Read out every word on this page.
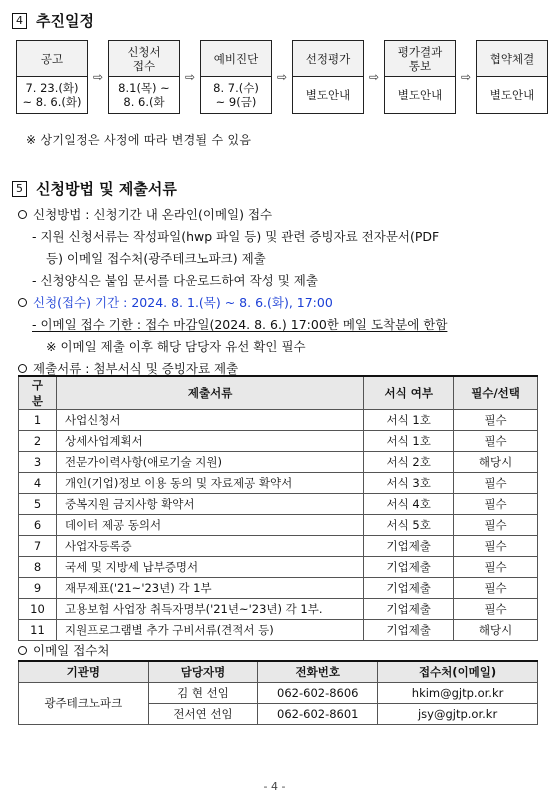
4 추진일정
공고
7. 23.(화)
~ 8. 6.(화)
⇨
신청서
접수
8.1(목) ~
8. 6.(화
⇨
예비진단
8. 7.(수)
~ 9(금)
⇨
선정평가
별도안내
⇨
평가결과
통보
별도안내
⇨
협약체결
별도안내
※ 상기일정은 사정에 따라 변경될 수 있음
5 신청방법 및 제출서류
신청방법 : 신청기간 내 온라인(이메일) 접수
- 지원 신청서류는 작성파일(hwp 파일 등) 및 관련 증빙자료 전자문서(PDF
등) 이메일 접수처(광주테크노파크) 제출
- 신청양식은 붙임 문서를 다운로드하여 작성 및 제출
신청(접수) 기간 : 2024. 8. 1.(목) ~ 8. 6.(화), 17:00
- 이메일 접수 기한 : 접수 마감일(2024. 8. 6.) 17:00한 메일 도착분에 한함
※ 이메일 제출 이후 해당 담당자 유선 확인 필수
제출서류 : 첨부서식 및 증빙자료 제출
구분	제출서류	서식 여부	필수/선택
1	사업신청서	서식 1호	필수
2	상세사업계획서	서식 1호	필수
3	전문가이력사항(애로기술 지원)	서식 2호	해당시
4	개인(기업)정보 이용 동의 및 자료제공 확약서	서식 3호	필수
5	중복지원 금지사항 확약서	서식 4호	필수
6	데이터 제공 동의서	서식 5호	필수
7	사업자등록증	기업제출	필수
8	국세 및 지방세 납부증명서	기업제출	필수
9	재무제표('21~'23년) 각 1부	기업제출	필수
10	고용보험 사업장 취득자명부('21년~'23년) 각 1부.	기업제출	필수
11	지원프로그램별 추가 구비서류(견적서 등)	기업제출	해당시
이메일 접수처
기관명	담당자명	전화번호	접수처(이메일)
광주테크노파크	김 현 선임	062-602-8606	hkim@gjtp.or.kr
	전서연 선임	062-602-8601	jsy@gjtp.or.kr
- 4 -
